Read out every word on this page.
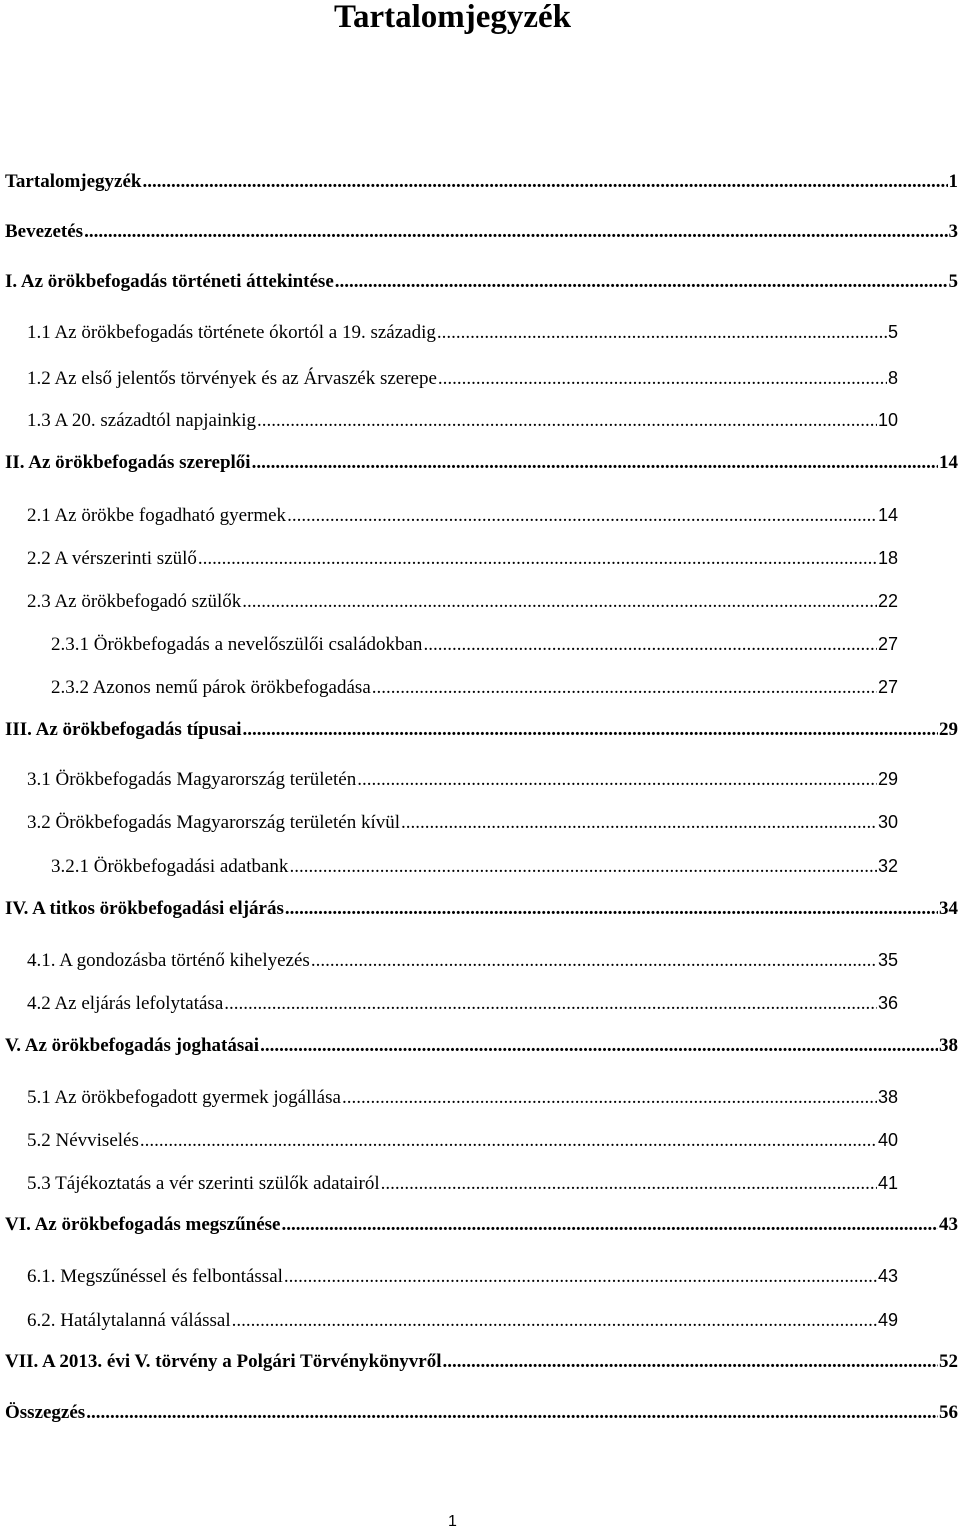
Tartalomjegyzék
Tartalomjegyzék .....	1
Bevezetés .....	3
I. Az örökbefogadás történeti áttekintése .....	5
1.1 Az örökbefogadás története ókortól a 19. századig .....	5
1.2 Az első jelentős törvények és az Árvaszék szerepe .....	8
1.3 A 20. századtól napjainkig .....	10
II. Az örökbefogadás szereplői .....	14
2.1 Az örökbe fogadható gyermek .....	14
2.2 A vérszerinti szülő .....	18
2.3 Az örökbefogadó szülők .....	22
2.3.1 Örökbefogadás a nevelőszülői családokban .....	27
2.3.2 Azonos nemű párok örökbefogadása .....	27
III. Az örökbefogadás típusai .....	29
3.1 Örökbefogadás Magyarország területén .....	29
3.2 Örökbefogadás Magyarország területén kívül .....	30
3.2.1 Örökbefogadási adatbank .....	32
IV. A titkos örökbefogadási eljárás .....	34
4.1. A gondozásba történő kihelyezés .....	35
4.2 Az eljárás lefolytatása .....	36
V. Az örökbefogadás joghatásai .....	38
5.1 Az örökbefogadott gyermek jogállása .....	38
5.2 Névviselés .....	40
5.3 Tájékoztatás a vér szerinti szülők adatairól .....	41
VI. Az örökbefogadás megszűnése .....	43
6.1. Megszűnéssel és felbontással .....	43
6.2. Hatálytalanná válással .....	49
VII. A 2013. évi V. törvény a Polgári Törvénykönyvről .....	52
Összegzés .....	56
1
